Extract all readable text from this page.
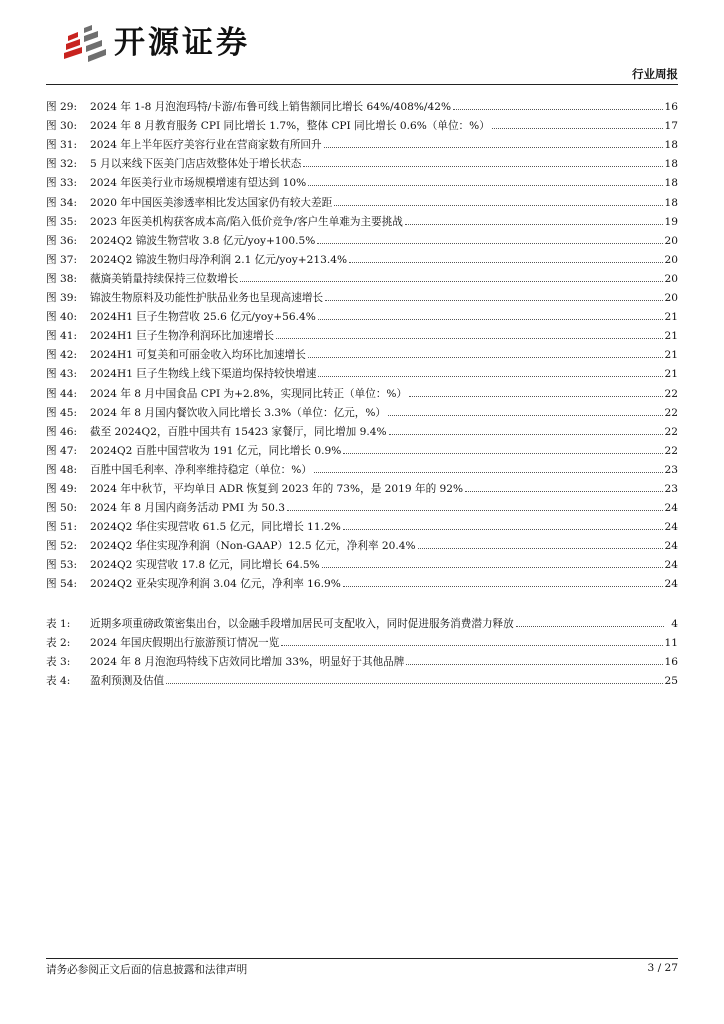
开源证券
行业周报
图 29:	2024 年 1-8 月泡泡玛特/卡游/布鲁可线上销售额同比增长 64%/408%/42%	16
图 30:	2024 年 8 月教育服务 CPI 同比增长 1.7%，整体 CPI 同比增长 0.6%（单位：%）	17
图 31:	2024 年上半年医疗美容行业在营商家数有所回升	18
图 32:	5 月以来线下医美门店店效整体处于增长状态	18
图 33:	2024 年医美行业市场规模增速有望达到 10%	18
图 34:	2020 年中国医美渗透率相比发达国家仍有较大差距	18
图 35:	2023 年医美机构获客成本高/陷入低价竞争/客户生单难为主要挑战	19
图 36:	2024Q2 锦波生物营收 3.8 亿元/yoy+100.5%	20
图 37:	2024Q2 锦波生物归母净利润 2.1 亿元/yoy+213.4%	20
图 38:	薇旖美销量持续保持三位数增长	20
图 39:	锦波生物原料及功能性护肤品业务也呈现高速增长	20
图 40:	2024H1 巨子生物营收 25.6 亿元/yoy+56.4%	21
图 41:	2024H1 巨子生物净利润环比加速增长	21
图 42:	2024H1 可复美和可丽金收入均环比加速增长	21
图 43:	2024H1 巨子生物线上线下渠道均保持较快增速	21
图 44:	2024 年 8 月中国食品 CPI 为+2.8%，实现同比转正（单位：%）	22
图 45:	2024 年 8 月国内餐饮收入同比增长 3.3%（单位：亿元，%）	22
图 46:	截至 2024Q2，百胜中国共有 15423 家餐厅，同比增加 9.4%	22
图 47:	2024Q2 百胜中国营收为 191 亿元，同比增长 0.9%	22
图 48:	百胜中国毛利率、净利率维持稳定（单位：%）	23
图 49:	2024 年中秋节，平均单日 ADR 恢复到 2023 年的 73%，是 2019 年的 92%	23
图 50:	2024 年 8 月国内商务活动 PMI 为 50.3	24
图 51:	2024Q2 华住实现营收 61.5 亿元，同比增长 11.2%	24
图 52:	2024Q2 华住实现净利润（Non-GAAP）12.5 亿元，净利率 20.4%	24
图 53:	2024Q2 实现营收 17.8 亿元，同比增长 64.5%	24
图 54:	2024Q2 亚朵实现净利润 3.04 亿元，净利率 16.9%	24
表 1:	近期多项重磅政策密集出台，以金融手段增加居民可支配收入，同时促进服务消费潜力释放	4
表 2:	2024 年国庆假期出行旅游预订情况一览	11
表 3:	2024 年 8 月泡泡玛特线下店效同比增加 33%，明显好于其他品牌	16
表 4:	盈利预测及估值	25
请务必参阅正文后面的信息披露和法律声明	3 / 27
